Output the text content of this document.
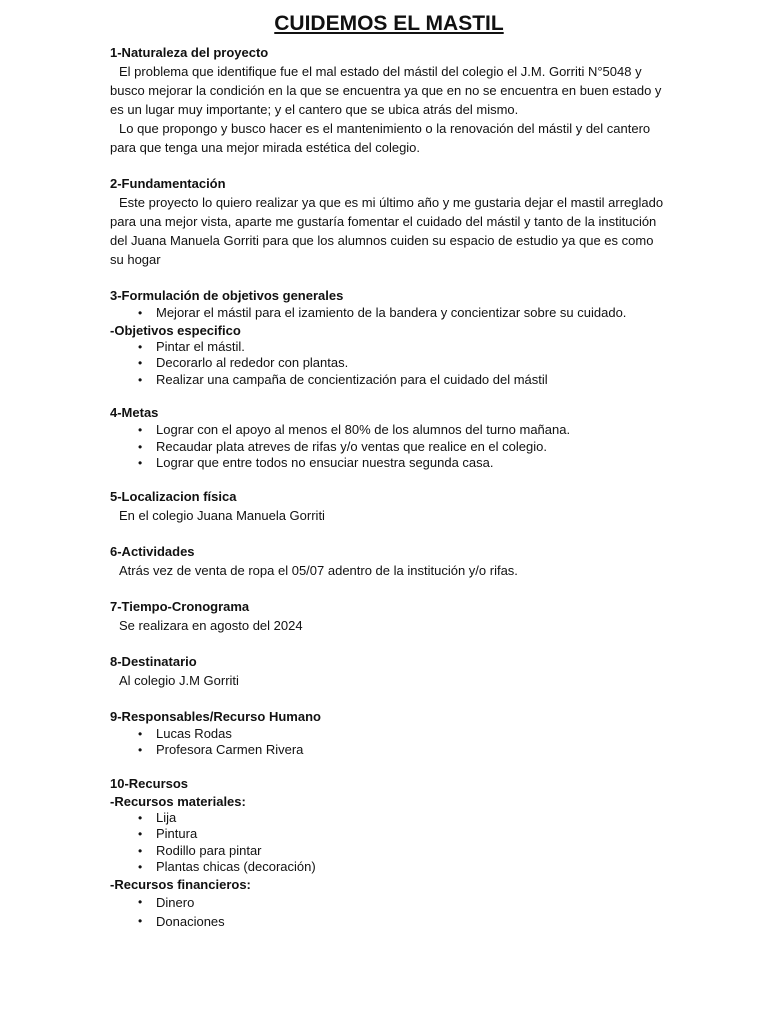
CUIDEMOS EL MASTIL
1-Naturaleza del proyecto

El problema que identifique fue el mal estado del mástil del colegio el J.M. Gorriti N°5048 y busco mejorar la condición en la que se encuentra ya que en no se encuentra en buen estado y es un lugar muy importante; y el cantero que se ubica atrás del mismo.

Lo que propongo y busco hacer es el mantenimiento o la renovación del mástil y del cantero para que tenga una mejor mirada estética del colegio.

2-Fundamentación

Este proyecto lo quiero realizar ya que es mi último año y me gustaria dejar el mastil arreglado para una mejor vista, aparte me gustaría fomentar el cuidado del mástil y tanto de la institución del Juana Manuela Gorriti para que los alumnos cuiden su espacio de estudio ya que es como su hogar

3-Formulación de objetivos generales
• Mejorar el mástil para el izamiento de la bandera y concientizar sobre su cuidado.
-Objetivos especifico
• Pintar el mástil.
• Decorarlo al rededor con plantas.
• Realizar una campaña de concientización para el cuidado del mástil
4-Metas
• Lograr con el apoyo al menos el 80% de los alumnos del turno mañana.
• Recaudar plata atreves de rifas y/o ventas que realice en el colegio.
• Lograr que entre todos no ensuciar nuestra segunda casa.
5-Localizacion física

En el colegio Juana Manuela Gorriti

6-Actividades

Atrás vez de venta de ropa el 05/07 adentro de la institución y/o rifas.

7-Tiempo-Cronograma

Se realizara en agosto del 2024

8-Destinatario

Al colegio J.M Gorriti

9-Responsables/Recurso Humano
• Lucas Rodas
• Profesora Carmen Rivera
10-Recursos
-Recursos materiales:
• Lija
• Pintura
• Rodillo para pintar
• Plantas chicas (decoración)
-Recursos financieros:
• Dinero
• Donaciones
